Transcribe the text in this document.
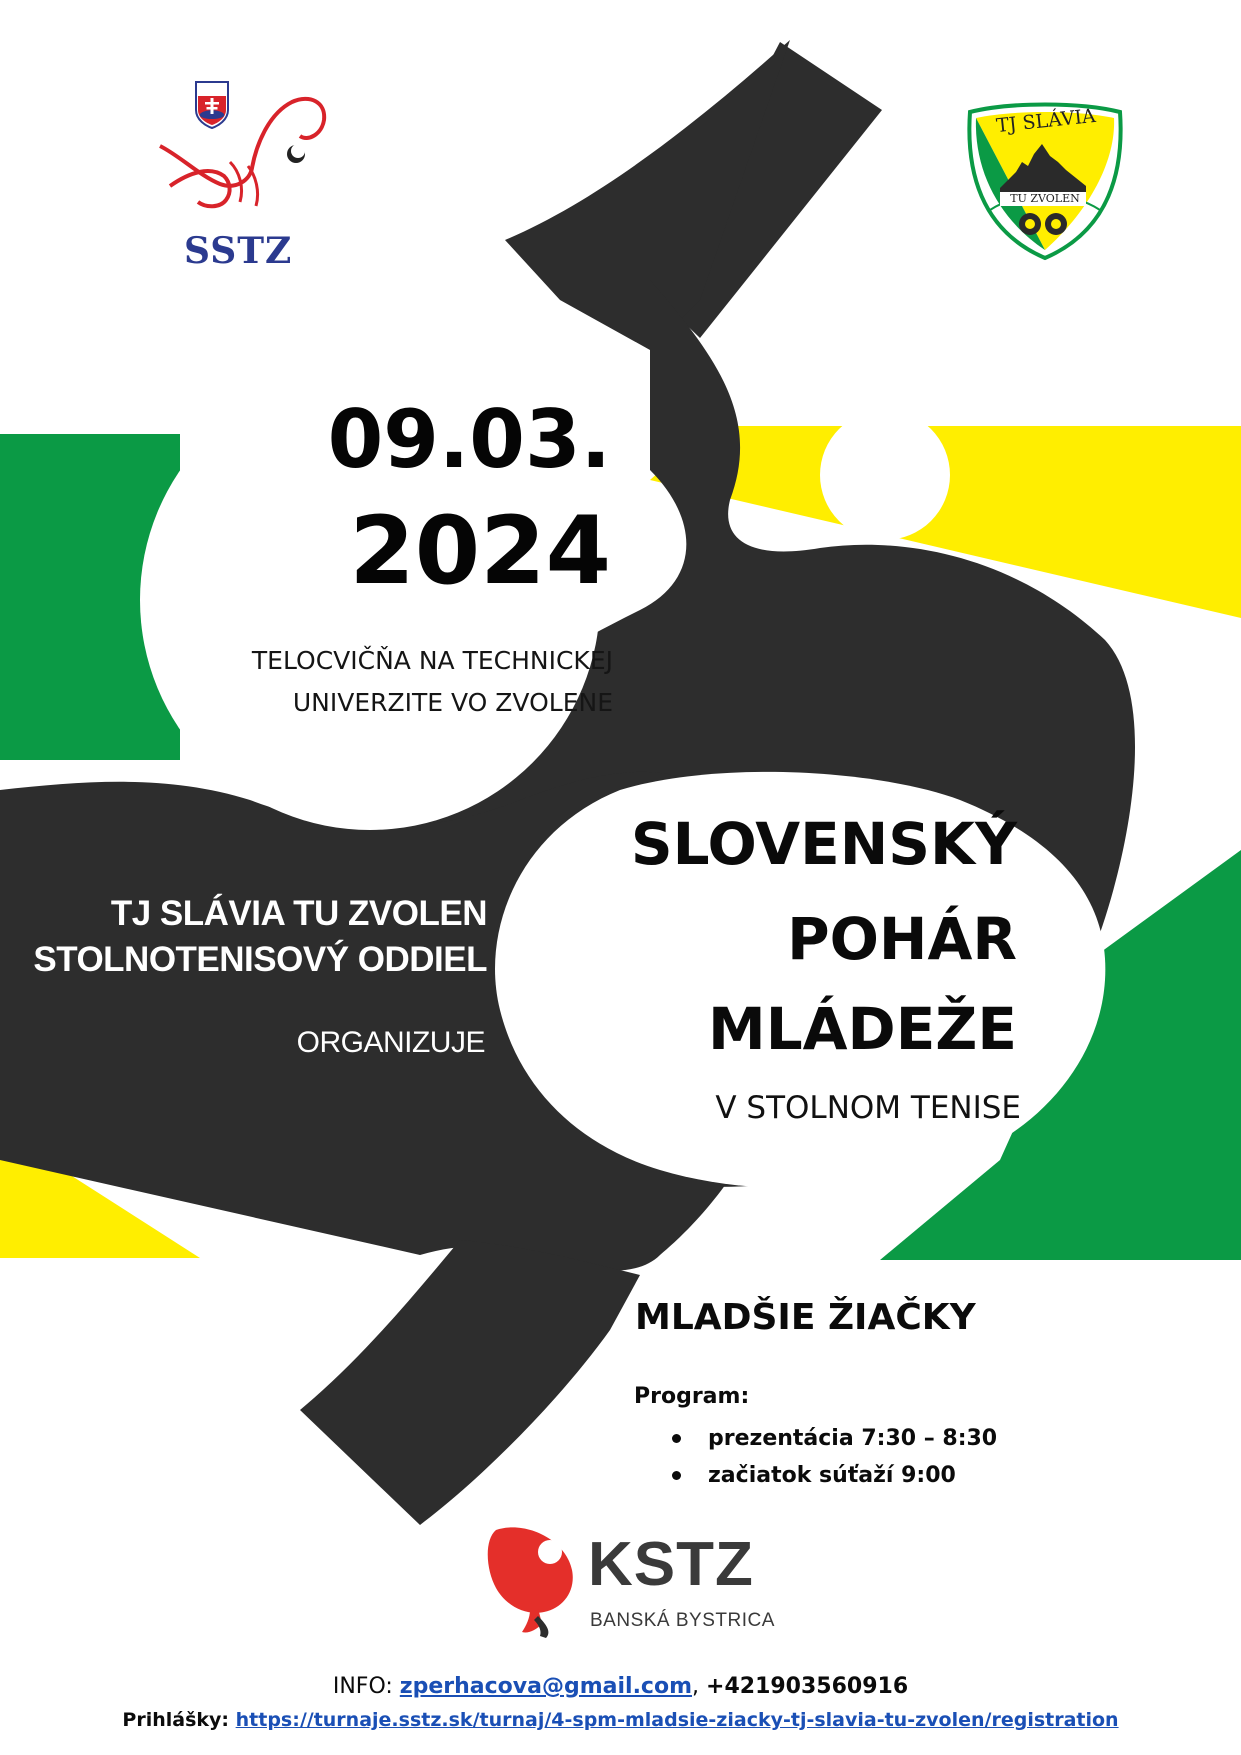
SSTZ
TJ SLÁVIA
TU ZVOLEN
09.03.
2024
TELOCVIČŇA NA TECHNICKEJ
UNIVERZITE VO ZVOLENE
TJ SLÁVIA TU ZVOLEN
STOLNOTENISOVÝ ODDIEL
ORGANIZUJE
SLOVENSKÝ
POHÁR
MLÁDEŽE
V STOLNOM TENISE
MLADŠIE ŽIAČKY
Program:
prezentácia 7:30 – 8:30
začiatok súťaží 9:00
KSTZ
BANSKÁ BYSTRICA
INFO: zperhacova@gmail.com, +421903560916
Prihlášky: https://turnaje.sstz.sk/turnaj/4-spm-mladsie-ziacky-tj-slavia-tu-zvolen/registration
